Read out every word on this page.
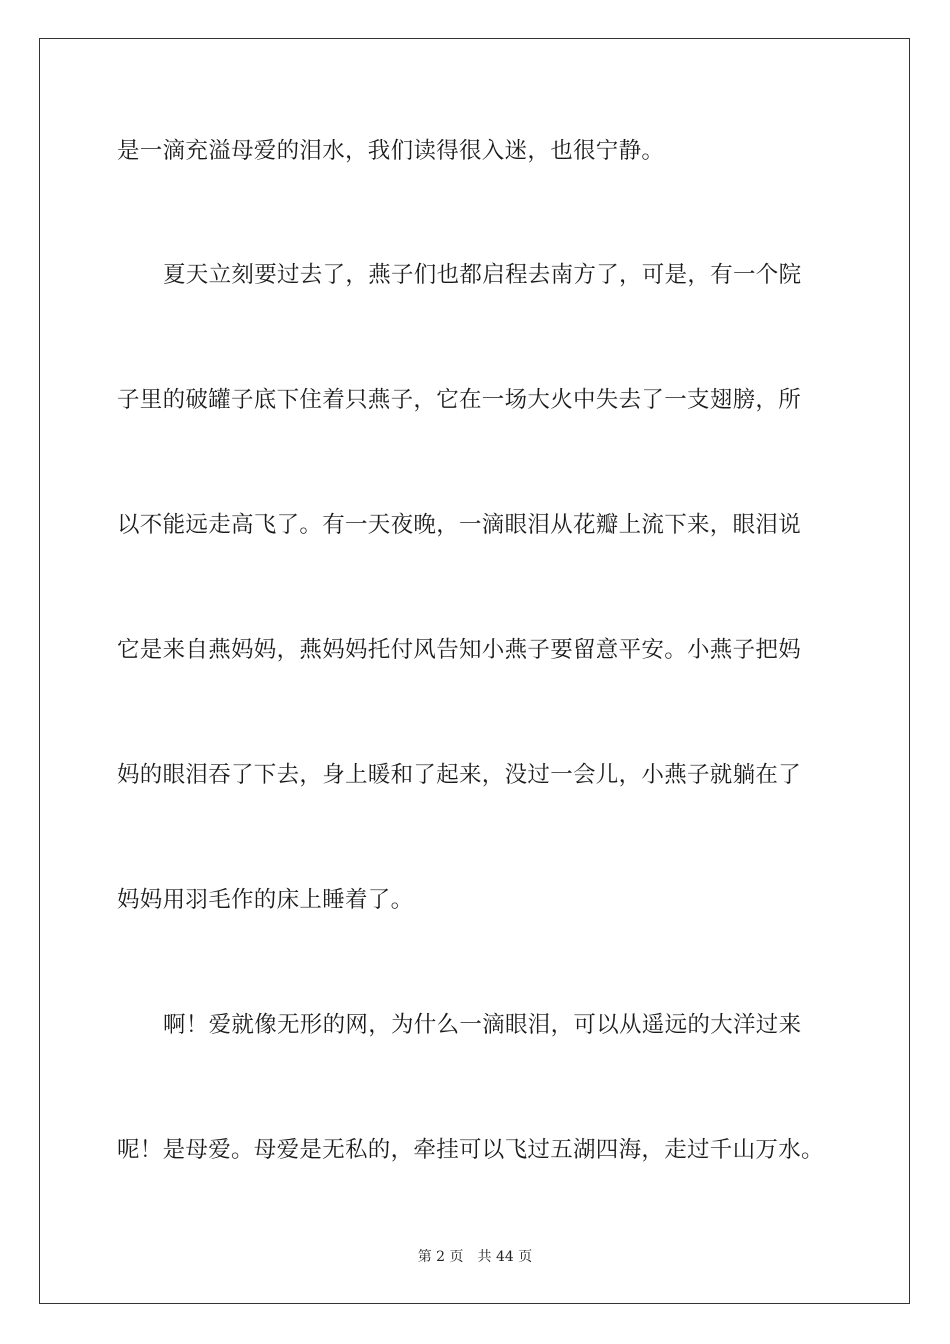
是一滴充溢母爱的泪水，我们读得很入迷，也很宁静。
夏天立刻要过去了，燕子们也都启程去南方了，可是，有一个院
子里的破罐子底下住着只燕子，它在一场大火中失去了一支翅膀，所
以不能远走高飞了。有一天夜晚，一滴眼泪从花瓣上流下来，眼泪说
它是来自燕妈妈，燕妈妈托付风告知小燕子要留意平安。小燕子把妈
妈的眼泪吞了下去，身上暖和了起来，没过一会儿，小燕子就躺在了
妈妈用羽毛作的床上睡着了。
啊！爱就像无形的网，为什么一滴眼泪，可以从遥远的大洋过来
呢！是母爱。母爱是无私的，牵挂可以飞过五湖四海，走过千山万水。
第 2 页 共 44 页
